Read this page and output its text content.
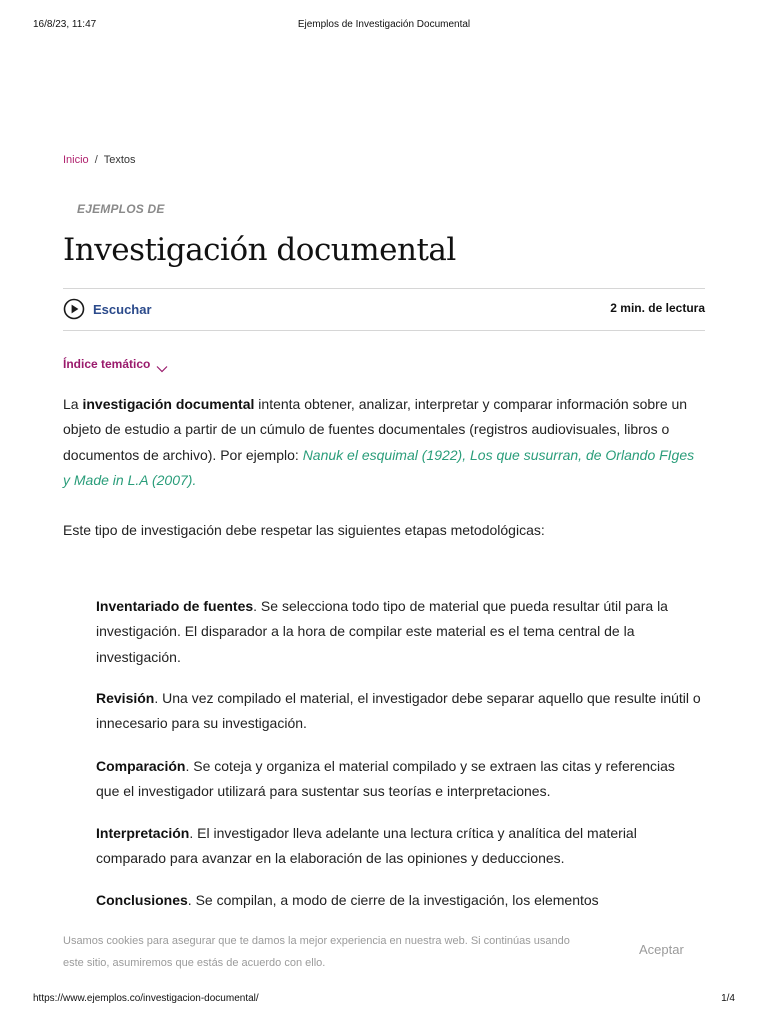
16/8/23, 11:47	Ejemplos de Investigación Documental
Inicio / Textos
EJEMPLOS DE
Investigación documental
Escuchar	2 min. de lectura
Índice temático

La investigación documental intenta obtener, analizar, interpretar y comparar información sobre un objeto de estudio a partir de un cúmulo de fuentes documentales (registros audiovisuales, libros o documentos de archivo). Por ejemplo: Nanuk el esquimal (1922), Los que susurran, de Orlando FIges y Made in L.A (2007).

Este tipo de investigación debe respetar las siguientes etapas metodológicas:

Inventariado de fuentes. Se selecciona todo tipo de material que pueda resultar útil para la investigación. El disparador a la hora de compilar este material es el tema central de la investigación.

Revisión. Una vez compilado el material, el investigador debe separar aquello que resulte inútil o innecesario para su investigación.

Comparación. Se coteja y organiza el material compilado y se extraen las citas y referencias que el investigador utilizará para sustentar sus teorías e interpretaciones.

Interpretación. El investigador lleva adelante una lectura crítica y analítica del material comparado para avanzar en la elaboración de las opiniones y deducciones.

Conclusiones. Se compilan, a modo de cierre de la investigación, los elementos

Usamos cookies para asegurar que te damos la mejor experiencia en nuestra web. Si continúas usando este sitio, asumiremos que estás de acuerdo con ello.

Aceptar
https://www.ejemplos.co/investigacion-documental/	1/4
